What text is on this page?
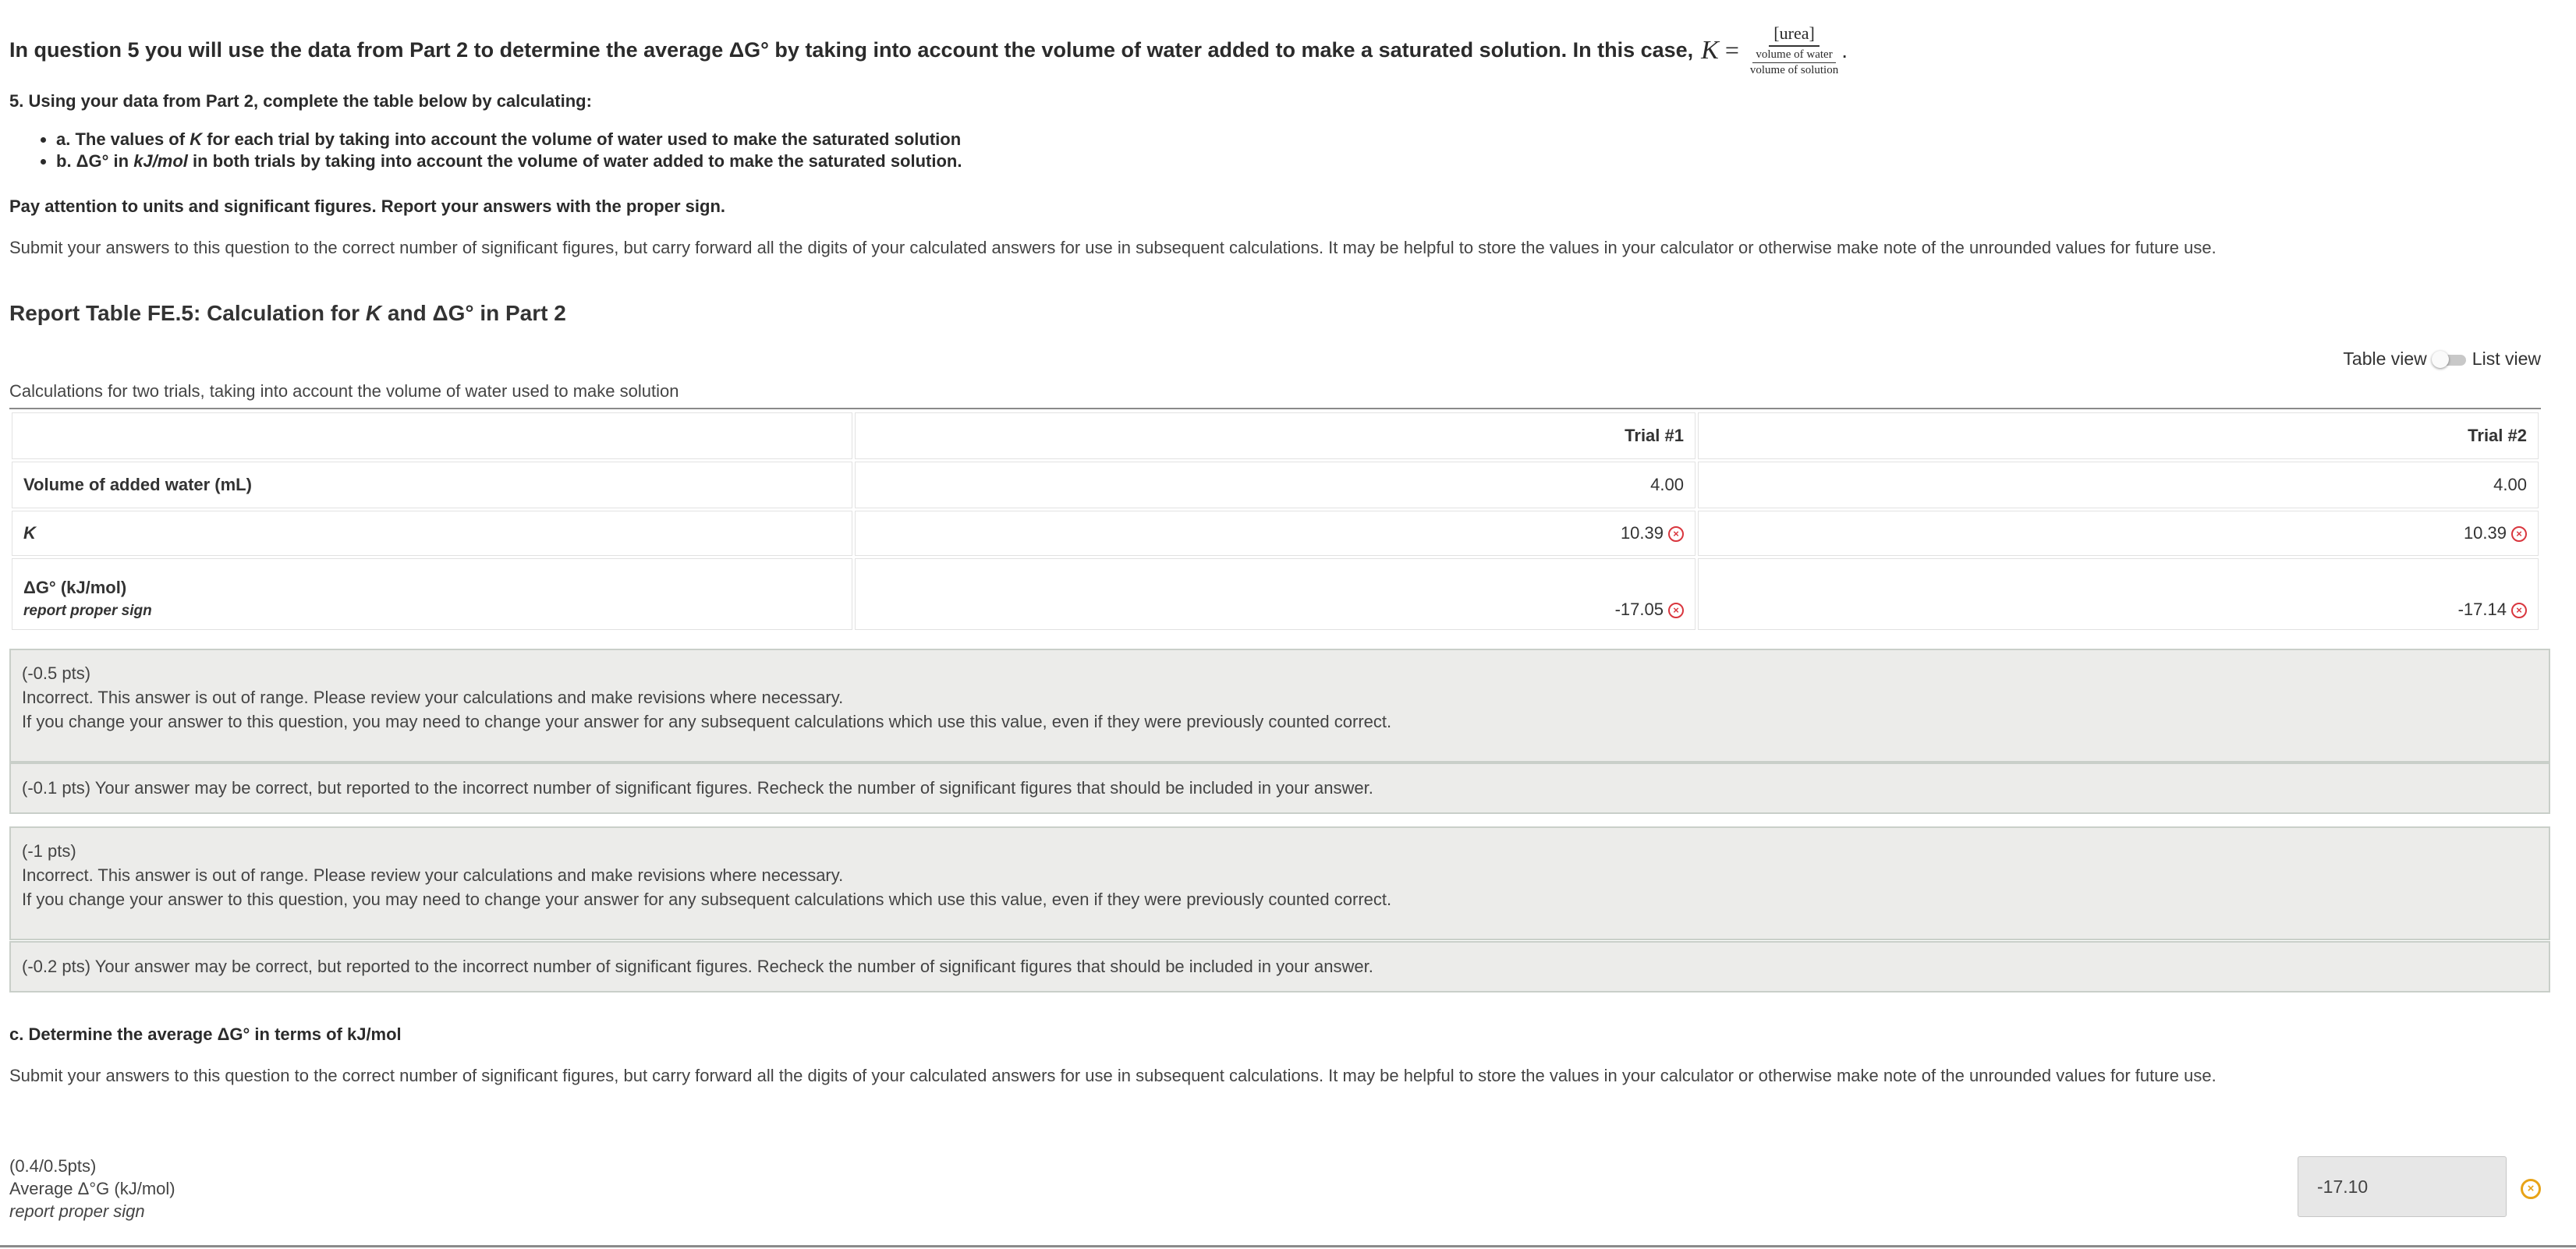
In question 5 you will use the data from Part 2 to determine the average ΔG° by taking into account the volume of water added to make a saturated solution. In this case, K = [urea]
volume of water
volume of solution .
5. Using your data from Part 2, complete the table below by calculating:
• a. The values of K for each trial by taking into account the volume of water used to make the saturated solution
• b. ΔG° in kJ/mol in both trials by taking into account the volume of water added to make the saturated solution.
Pay attention to units and significant figures. Report your answers with the proper sign.
Submit your answers to this question to the correct number of significant figures, but carry forward all the digits of your calculated answers for use in subsequent calculations. It may be helpful to store the values in your calculator or otherwise make note of the unrounded values for future use.
Report Table FE.5: Calculation for K and ΔG° in Part 2
Table view	List view
Calculations for two trials, taking into account the volume of water used to make solution
	Trial #1	Trial #2
Volume of added water (mL)	4.00	4.00
K	10.39 ×	10.39 ×
ΔG° (kJ/mol)
report proper sign	-17.05 ×	-17.14 ×

(-0.5 pts)

Incorrect. This answer is out of range. Please review your calculations and make revisions where necessary.

If you change your answer to this question, you may need to change your answer for any subsequent calculations which use this value, even if they were previously counted correct.

(-0.1 pts) Your answer may be correct, but reported to the incorrect number of significant figures. Recheck the number of significant figures that should be included in your answer.

(-1 pts)

Incorrect. This answer is out of range. Please review your calculations and make revisions where necessary.

If you change your answer to this question, you may need to change your answer for any subsequent calculations which use this value, even if they were previously counted correct.

(-0.2 pts) Your answer may be correct, but reported to the incorrect number of significant figures. Recheck the number of significant figures that should be included in your answer.
c. Determine the average ΔG° in terms of kJ/mol
Submit your answers to this question to the correct number of significant figures, but carry forward all the digits of your calculated answers for use in subsequent calculations. It may be helpful to store the values in your calculator or otherwise make note of the unrounded values for future use.
(0.4/0.5pts)
Average Δ°G (kJ/mol)
report proper sign
-17.10	×
